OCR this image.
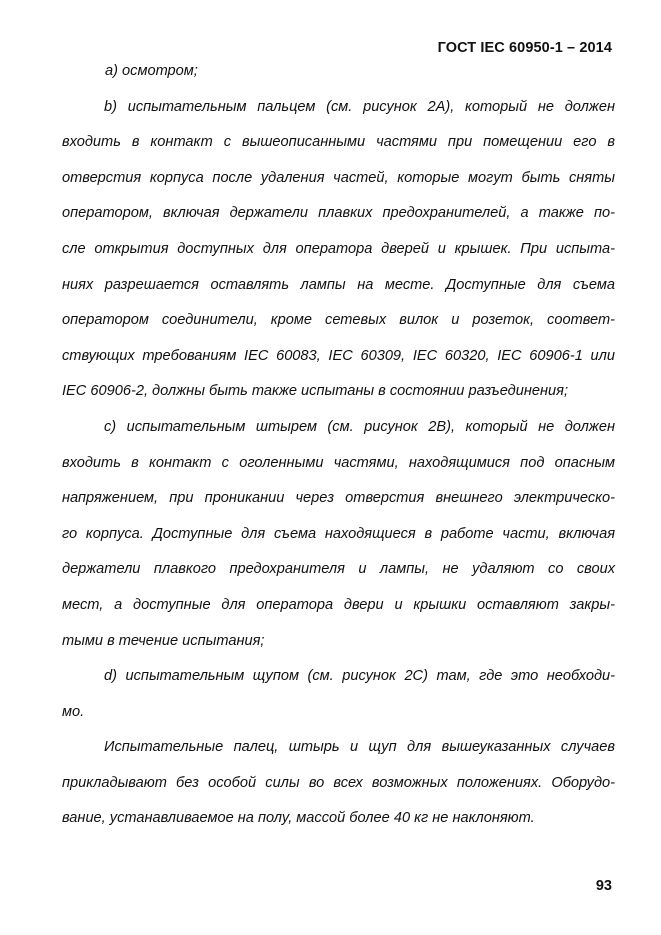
ГОСТ IEC 60950-1 – 2014
а) осмотром;
b) испытательным пальцем (см. рисунок 2А), который не должен
входить в контакт с вышеописанными частями при помещении его в
отверстия корпуса после удаления частей, которые могут быть сняты
оператором, включая держатели плавких предохранителей, а также по-
сле открытия доступных для оператора дверей и крышек. При испыта-
ниях разрешается оставлять лампы на месте. Доступные для съема
оператором соединители, кроме сетевых вилок и розеток, соответ-
ствующих требованиям IEC 60083, IEC 60309, IEC 60320, IEC 60906-1 или
IEC 60906-2, должны быть также испытаны в состоянии разъединения;
с) испытательным штырем (см. рисунок 2В), который не должен
входить в контакт с оголенными частями, находящимися под опасным
напряжением, при проникании через отверстия внешнего электрическо-
го корпуса. Доступные для съема находящиеся в работе части, включая
держатели плавкого предохранителя и лампы, не удаляют со своих
мест, а доступные для оператора двери и крышки оставляют закры-
тыми в течение испытания;
d) испытательным щупом (см. рисунок 2С) там, где это необходи-
мо.
Испытательные палец, штырь и щуп для вышеуказанных случаев
прикладывают без особой силы во всех возможных положениях. Оборудо-
вание, устанавливаемое на полу, массой более 40 кг не наклоняют.
93
